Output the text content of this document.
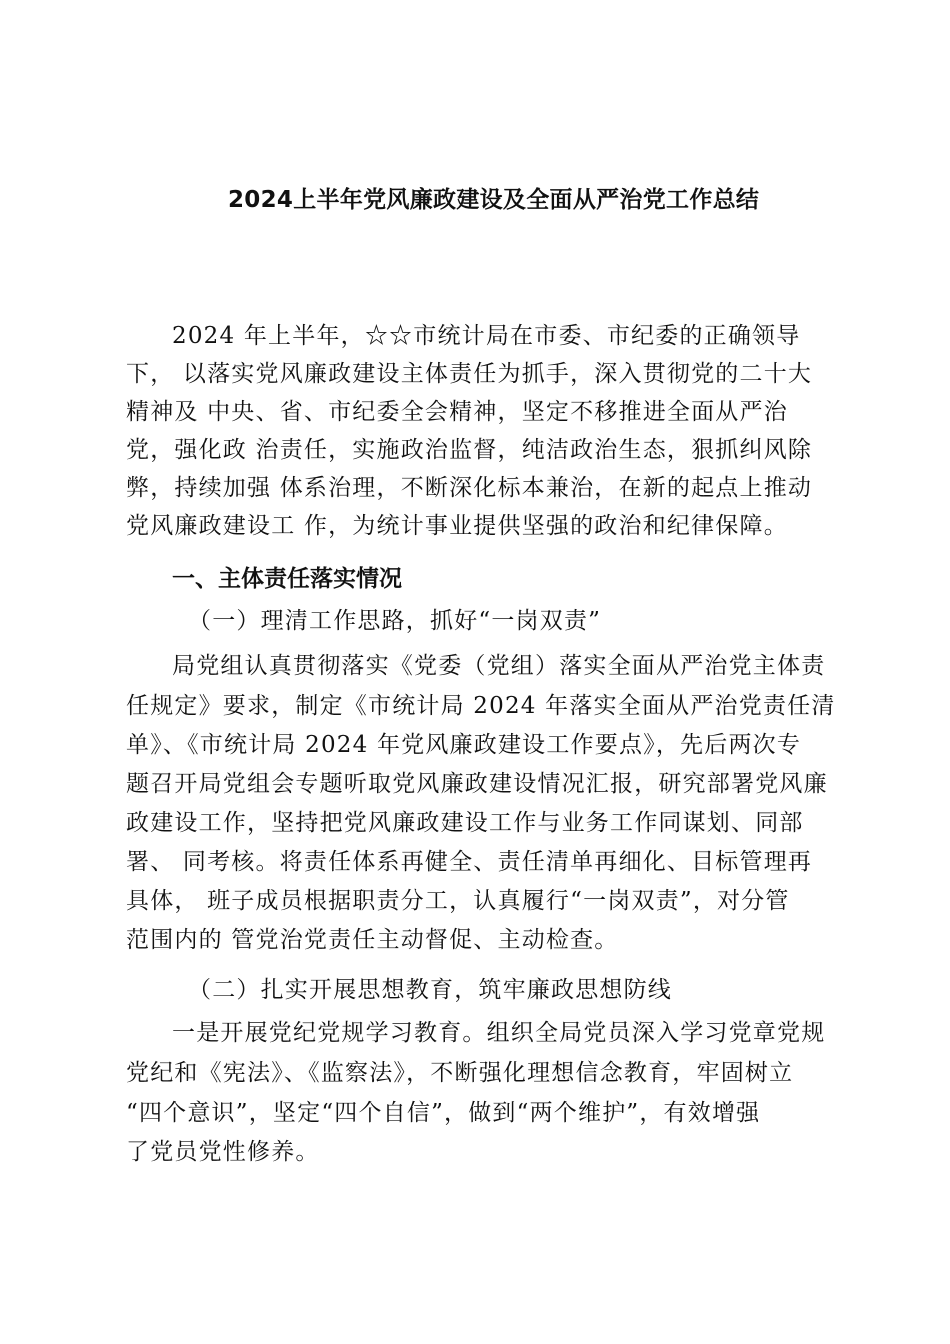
2024上半年党风廉政建设及全面从严治党工作总结
2024 年上半年，☆☆市统计局在市委、市纪委的正确领导
下， 以落实党风廉政建设主体责任为抓手，深入贯彻党的二十大
精神及 中央、省、市纪委全会精神，坚定不移推进全面从严治
党，强化政 治责任，实施政治监督，纯洁政治生态，狠抓纠风除
弊，持续加强 体系治理，不断深化标本兼治，在新的起点上推动
党风廉政建设工 作，为统计事业提供坚强的政治和纪律保障。
一、主体责任落实情况
（一）理清工作思路，抓好“一岗双责”
局党组认真贯彻落实《党委（党组）落实全面从严治党主体责
任规定》要求，制定《市统计局 2024 年落实全面从严治党责任清
单》、《市统计局 2024 年党风廉政建设工作要点》，先后两次专
题召开局党组会专题听取党风廉政建设情况汇报，研究部署党风廉
政建设工作，坚持把党风廉政建设工作与业务工作同谋划、同部
署、 同考核。将责任体系再健全、责任清单再细化、目标管理再
具体， 班子成员根据职责分工，认真履行“一岗双责”，对分管
范围内的 管党治党责任主动督促、主动检查。
（二）扎实开展思想教育，筑牢廉政思想防线
一是开展党纪党规学习教育。组织全局党员深入学习党章党规
党纪和《宪法》、《监察法》，不断强化理想信念教育，牢固树立
“四个意识”，坚定“四个自信”，做到“两个维护”，有效增强
了党员党性修养。
